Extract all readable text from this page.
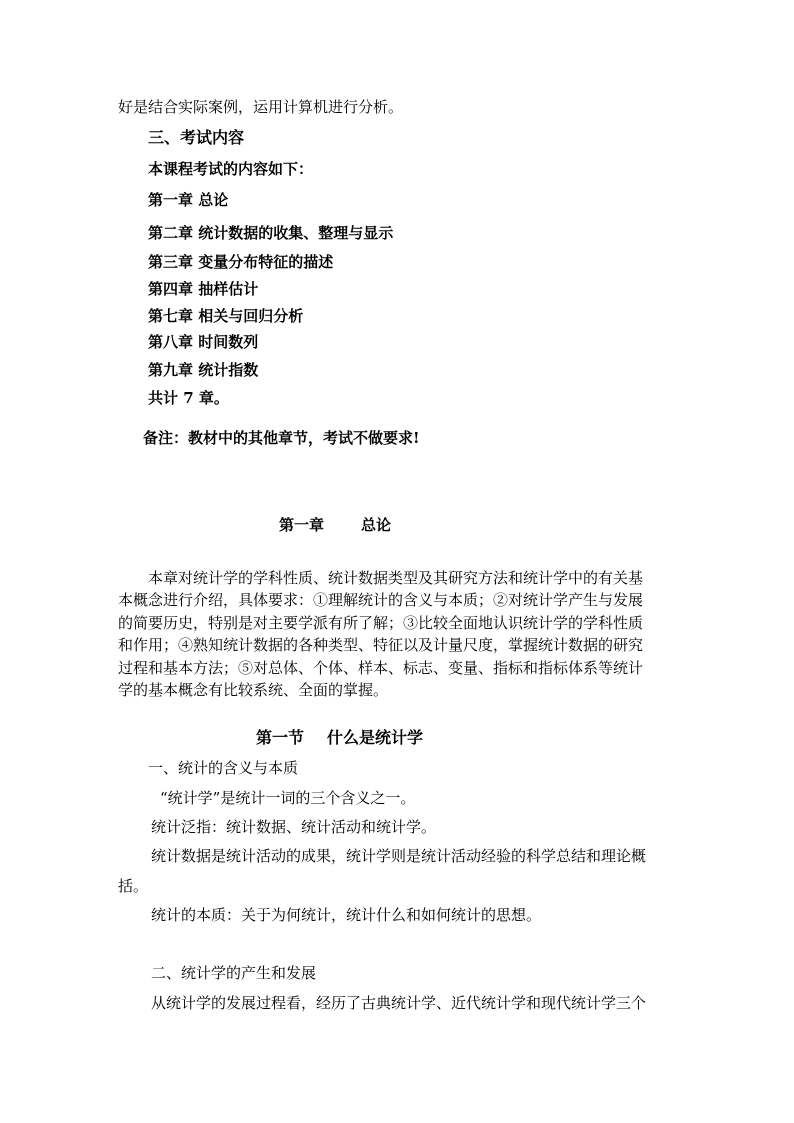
好是结合实际案例，运用计算机进行分析。
三、考试内容
本课程考试的内容如下：
第一章 总论
第二章 统计数据的收集、整理与显示
第三章 变量分布特征的描述
第四章 抽样估计
第七章 相关与回归分析
第八章 时间数列
第九章 统计指数
共计 7 章。
备注：教材中的其他章节，考试不做要求!
第一章 总论
本章对统计学的学科性质、统计数据类型及其研究方法和统计学中的有关基
本概念进行介绍，具体要求：①理解统计的含义与本质；②对统计学产生与发展
的简要历史，特别是对主要学派有所了解；③比较全面地认识统计学的学科性质
和作用；④熟知统计数据的各种类型、特征以及计量尺度，掌握统计数据的研究
过程和基本方法；⑤对总体、个体、样本、标志、变量、指标和指标体系等统计
学的基本概念有比较系统、全面的掌握。
第一节 什么是统计学
一、统计的含义与本质
“统计学”是统计一词的三个含义之一。
统计泛指：统计数据、统计活动和统计学。
统计数据是统计活动的成果，统计学则是统计活动经验的科学总结和理论概
括。
统计的本质：关于为何统计，统计什么和如何统计的思想。
二、统计学的产生和发展
从统计学的发展过程看，经历了古典统计学、近代统计学和现代统计学三个
